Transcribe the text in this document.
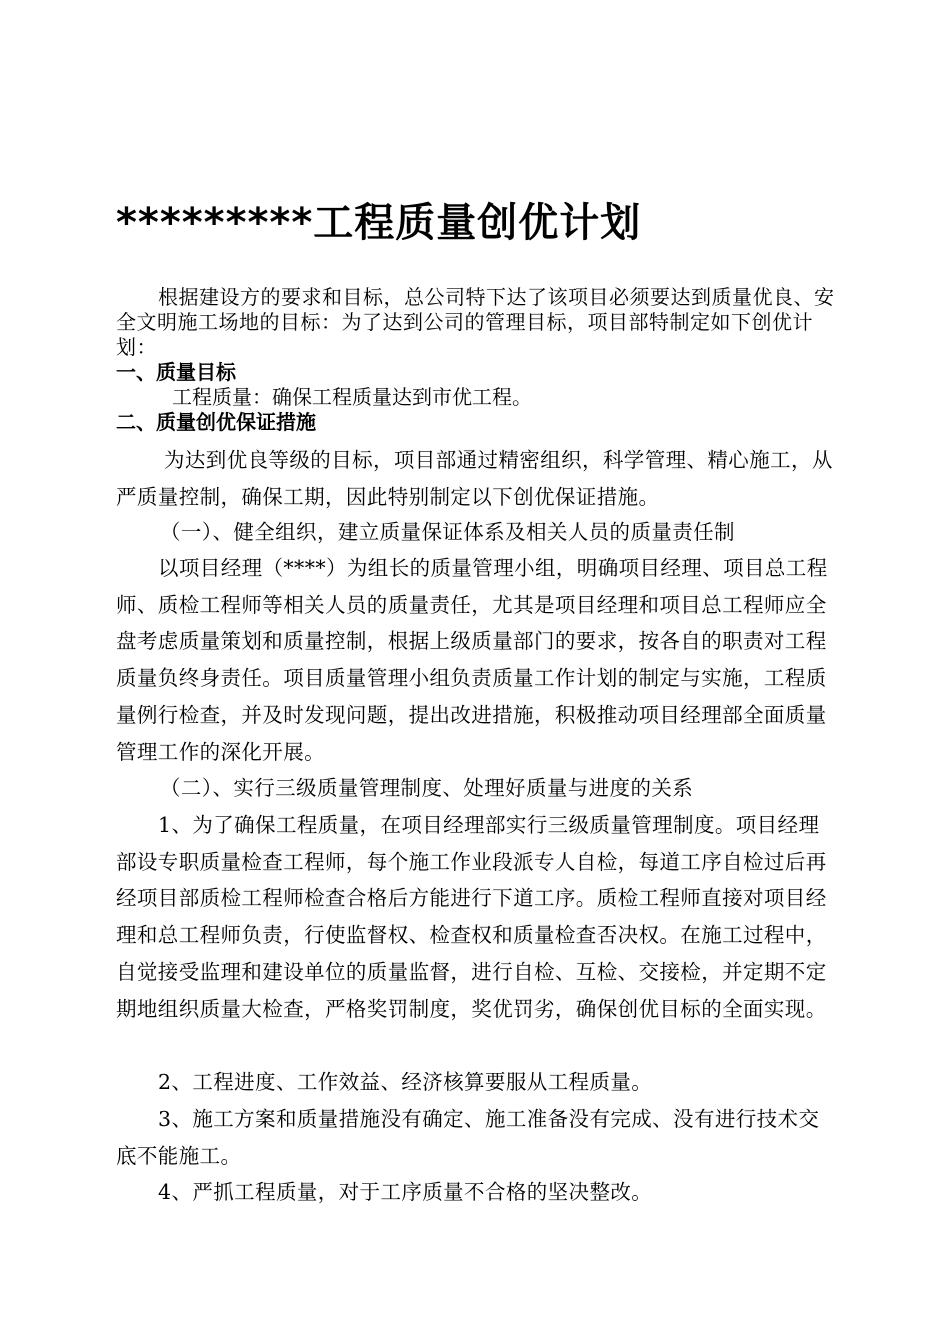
*********工程质量创优计划
根据建设方的要求和目标，总公司特下达了该项目必须要达到质量优良、安全文明施工场地的目标：为了达到公司的管理目标，项目部特制定如下创优计划：
一、质量目标
工程质量：确保工程质量达到市优工程。
二、质量创优保证措施
为达到优良等级的目标，项目部通过精密组织，科学管理、精心施工，从严质量控制，确保工期，因此特别制定以下创优保证措施。
（一）、健全组织，建立质量保证体系及相关人员的质量责任制
以项目经理（****）为组长的质量管理小组，明确项目经理、项目总工程师、质检工程师等相关人员的质量责任，尤其是项目经理和项目总工程师应全盘考虑质量策划和质量控制，根据上级质量部门的要求，按各自的职责对工程质量负终身责任。项目质量管理小组负责质量工作计划的制定与实施，工程质量例行检查，并及时发现问题，提出改进措施，积极推动项目经理部全面质量管理工作的深化开展。
（二）、实行三级质量管理制度、处理好质量与进度的关系
1、为了确保工程质量，在项目经理部实行三级质量管理制度。项目经理部设专职质量检查工程师，每个施工作业段派专人自检，每道工序自检过后再经项目部质检工程师检查合格后方能进行下道工序。质检工程师直接对项目经理和总工程师负责，行使监督权、检查权和质量检查否决权。在施工过程中，自觉接受监理和建设单位的质量监督，进行自检、互检、交接检，并定期不定期地组织质量大检查，严格奖罚制度，奖优罚劣，确保创优目标的全面实现。
2、工程进度、工作效益、经济核算要服从工程质量。
3、施工方案和质量措施没有确定、施工准备没有完成、没有进行技术交底不能施工。
4、严抓工程质量，对于工序质量不合格的坚决整改。
